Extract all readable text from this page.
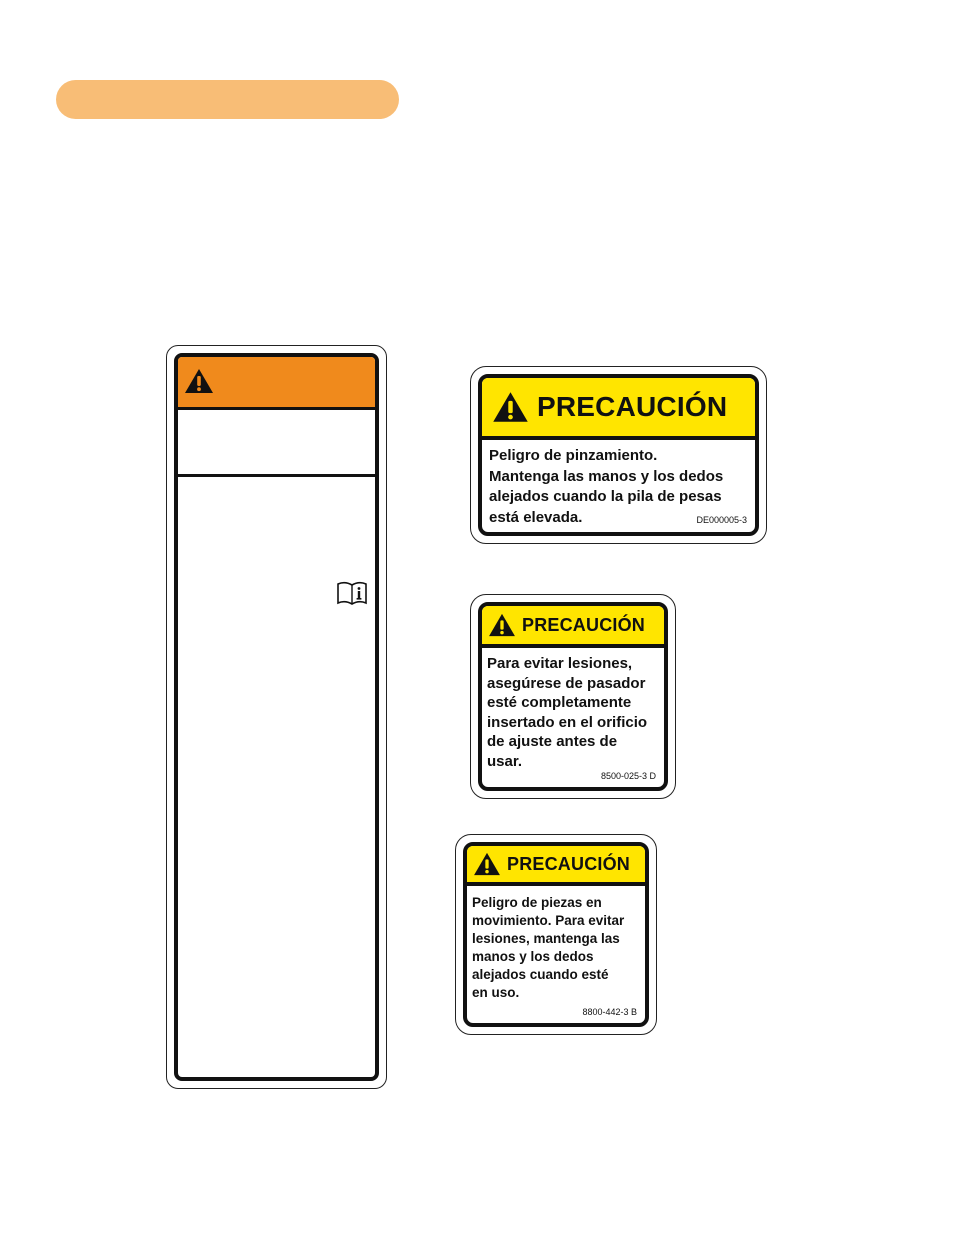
PRECAUCIÓN
Peligro de pinzamiento.
Mantenga las manos y los dedos
alejados cuando la pila de pesas
está elevada.	DE000005-3
PRECAUCIÓN
Para evitar lesiones,
asegúrese de pasador
esté completamente
insertado en el orificio
de ajuste antes de
usar.
8500-025-3 D
PRECAUCIÓN
Peligro de piezas en
movimiento. Para evitar
lesiones, mantenga las
manos y los dedos
alejados cuando esté
en uso.
8800-442-3 B
